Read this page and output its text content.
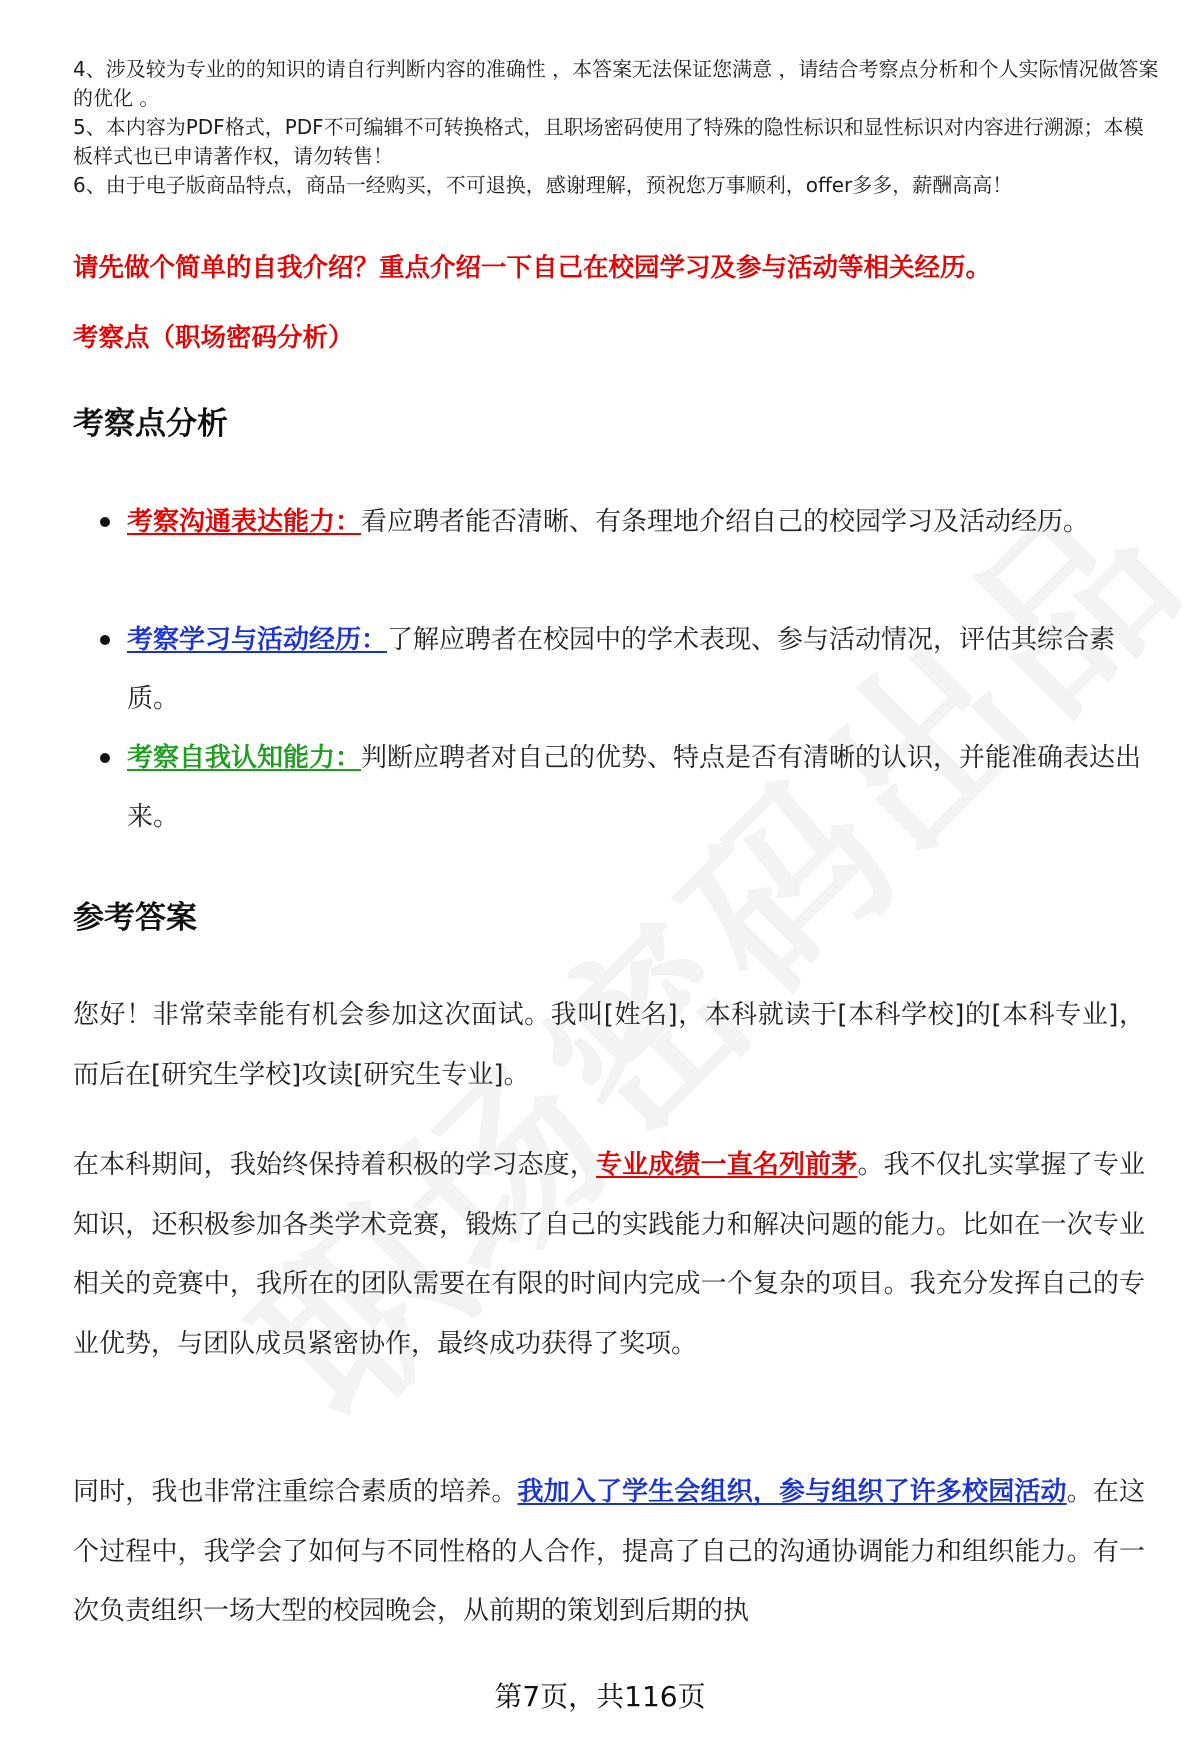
4、涉及较为专业的的知识的请自行判断内容的准确性 ，本答案无法保证您满意 ，请结合考察点分析和个人实际情况做答案的优化 。
5、本内容为PDF格式，PDF不可编辑不可转换格式，且职场密码使用了特殊的隐性标识和显性标识对内容进行溯源；本模板样式也已申请著作权，请勿转售！
6、由于电子版商品特点，商品一经购买，不可退换，感谢理解，预祝您万事顺利，offer多多，薪酬高高！
请先做个简单的自我介绍？重点介绍一下自己在校园学习及参与活动等相关经历。
考察点（职场密码分析）
考察点分析
考察沟通表达能力：看应聘者能否清晰、有条理地介绍自己的校园学习及活动经历。
考察学习与活动经历：了解应聘者在校园中的学术表现、参与活动情况，评估其综合素质。
考察自我认知能力：判断应聘者对自己的优势、特点是否有清晰的认识，并能准确表达出来。
参考答案
您好！非常荣幸能有机会参加这次面试。我叫[姓名]，本科就读于[本科学校]的[本科专业]，而后在[研究生学校]攻读[研究生专业]。
在本科期间，我始终保持着积极的学习态度，专业成绩一直名列前茅。我不仅扎实掌握了专业知识，还积极参加各类学术竞赛，锻炼了自己的实践能力和解决问题的能力。比如在一次专业相关的竞赛中，我所在的团队需要在有限的时间内完成一个复杂的项目。我充分发挥自己的专业优势，与团队成员紧密协作，最终成功获得了奖项。
同时，我也非常注重综合素质的培养。我加入了学生会组织，参与组织了许多校园活动。在这个过程中，我学会了如何与不同性格的人合作，提高了自己的沟通协调能力和组织能力。有一次负责组织一场大型的校园晚会，从前期的策划到后期的执
第7页，共116页
